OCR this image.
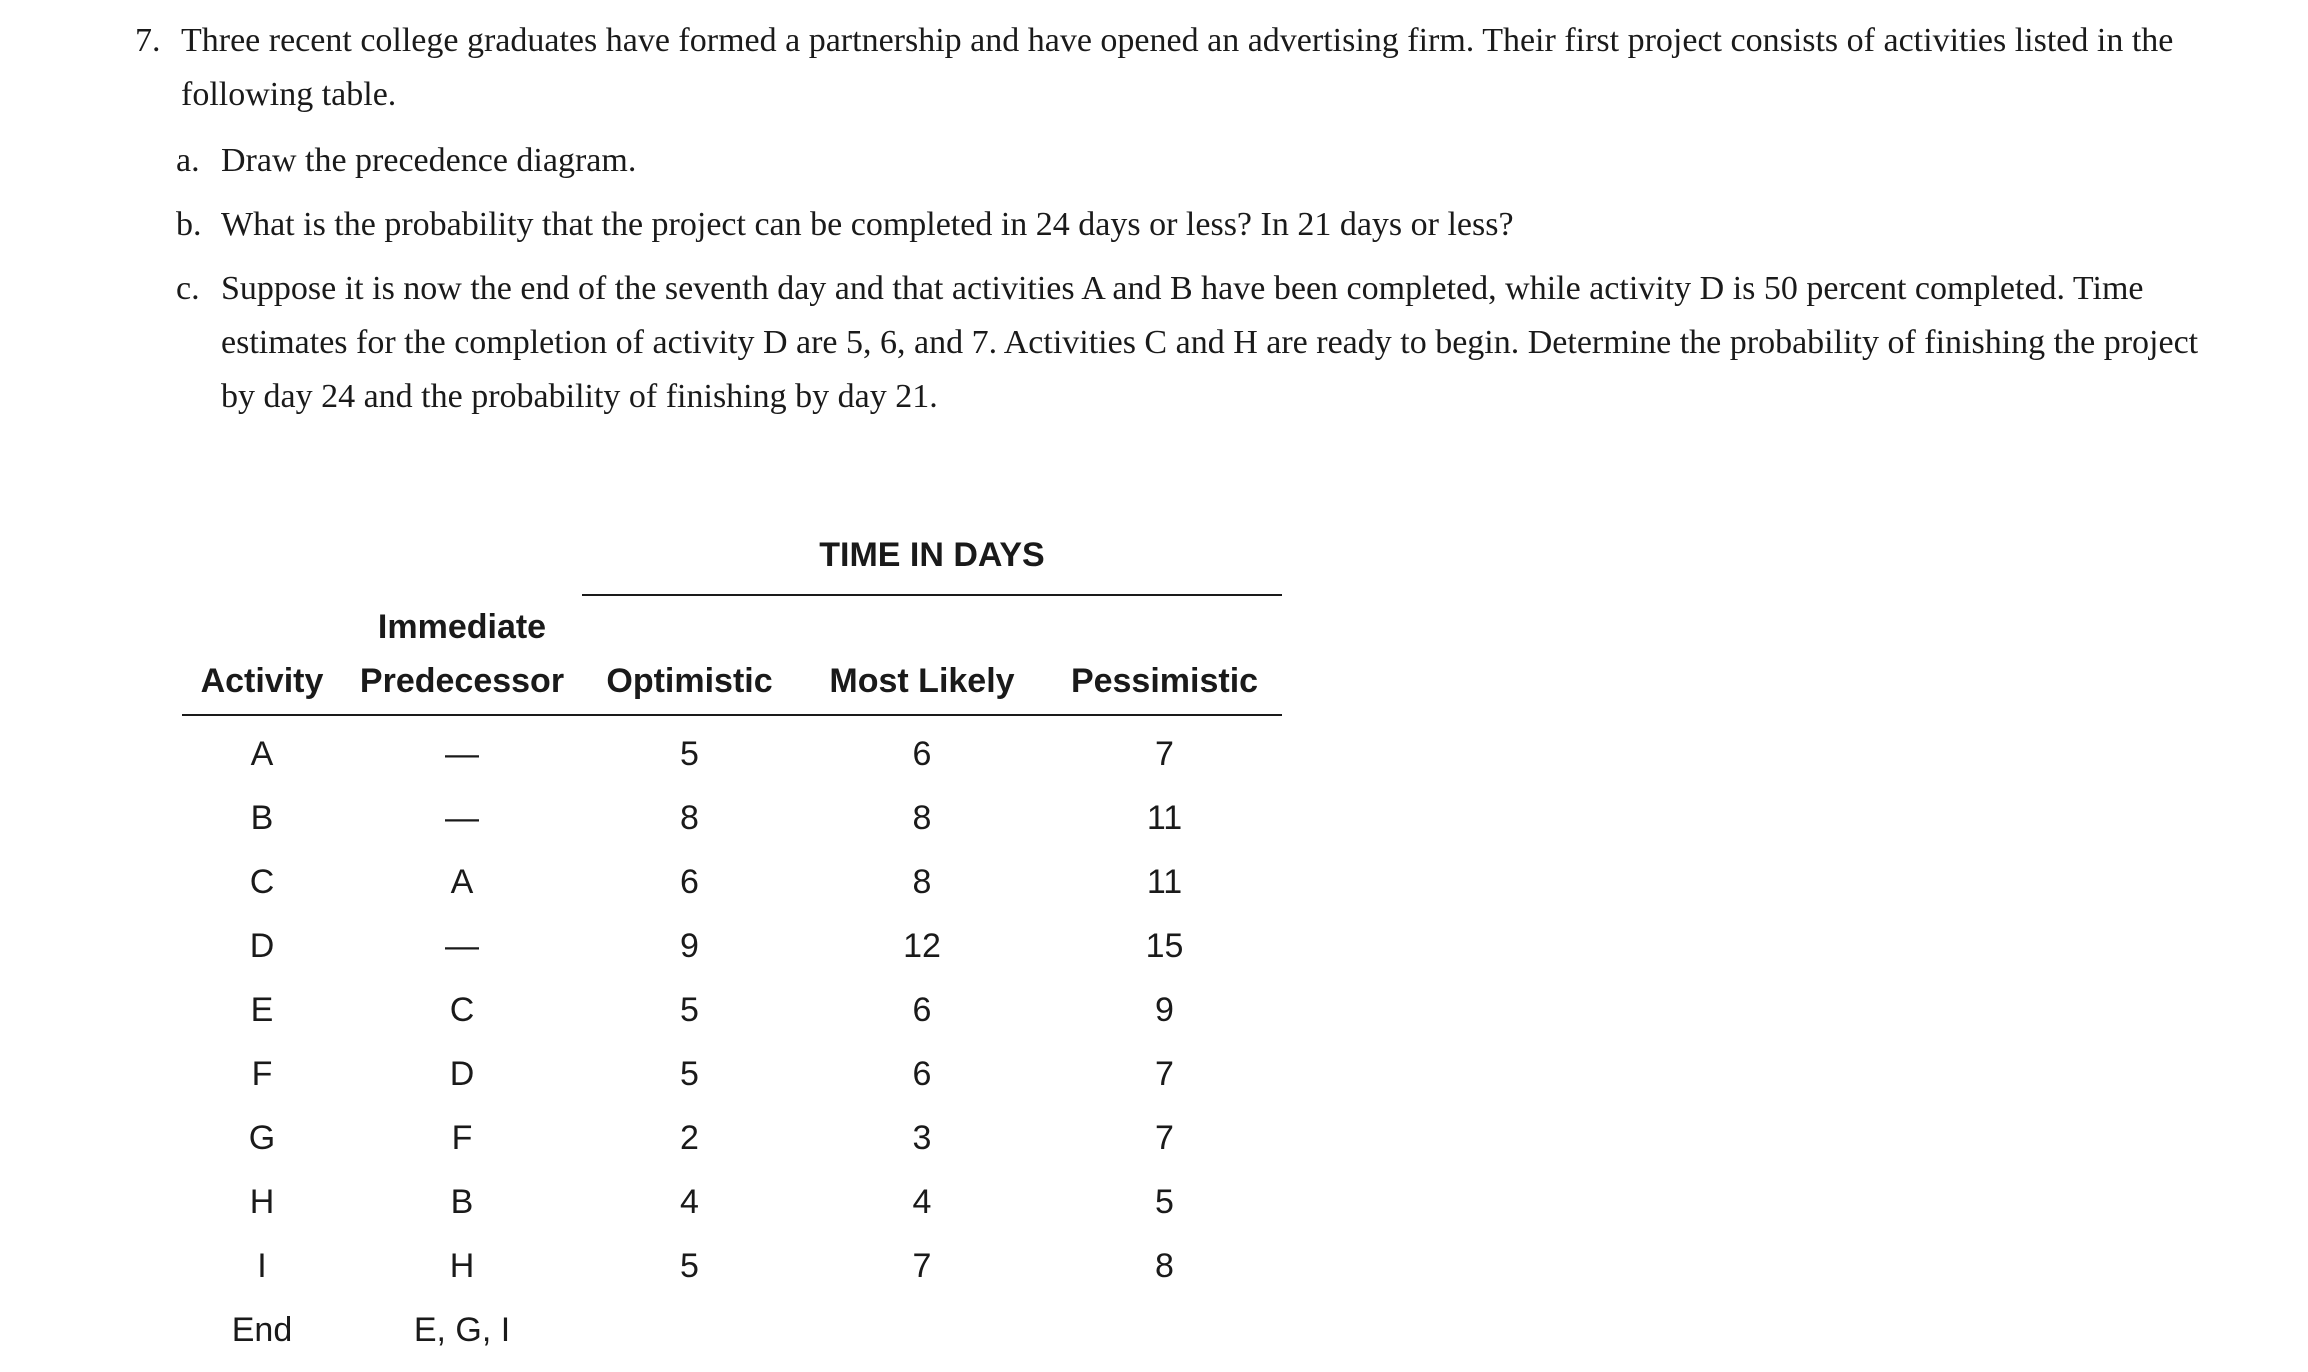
7. Three recent college graduates have formed a partnership and have opened an advertising firm. Their first project consists of activities listed in the following table.
a. Draw the precedence diagram.
b. What is the probability that the project can be completed in 24 days or less? In 21 days or less?
c. Suppose it is now the end of the seventh day and that activities A and B have been completed, while activity D is 50 percent completed. Time estimates for the completion of activity D are 5, 6, and 7. Activities C and H are ready to begin. Determine the probability of finishing the project by day 24 and the probability of finishing by day 21.
TIME IN DAYS
Immediate
Activity	Predecessor	Optimistic	Most Likely	Pessimistic
A	—	5	6	7
B	—	8	8	11
C	A	6	8	11
D	—	9	12	15
E	C	5	6	9
F	D	5	6	7
G	F	2	3	7
H	B	4	4	5
I	H	5	7	8
End	E, G, I
